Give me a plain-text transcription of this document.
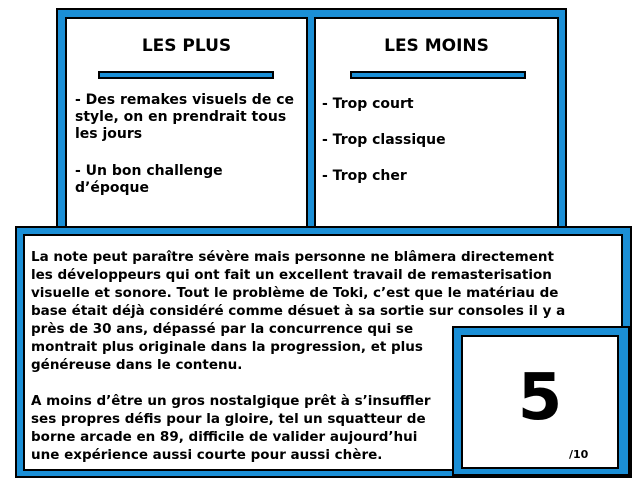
LES PLUS
- Des remakes visuels de ce style, on en prendrait tous les jours
- Un bon challenge d’époque
LES MOINS
- Trop court
- Trop classique
- Trop cher
La note peut paraître sévère mais personne ne blâmera directement
les développeurs qui ont fait un excellent travail de remasterisation
visuelle et sonore. Tout le problème de Toki, c’est que le matériau de
base était déjà considéré comme désuet à sa sortie sur consoles il y a
près de 30 ans, dépassé par la concurrence qui se
montrait plus originale dans la progression, et plus
généreuse dans le contenu.
A moins d’être un gros nostalgique prêt à s’insuffler
ses propres défis pour la gloire, tel un squatteur de
borne arcade en 89, difficile de valider aujourd’hui
une expérience aussi courte pour aussi chère.
5
/10
